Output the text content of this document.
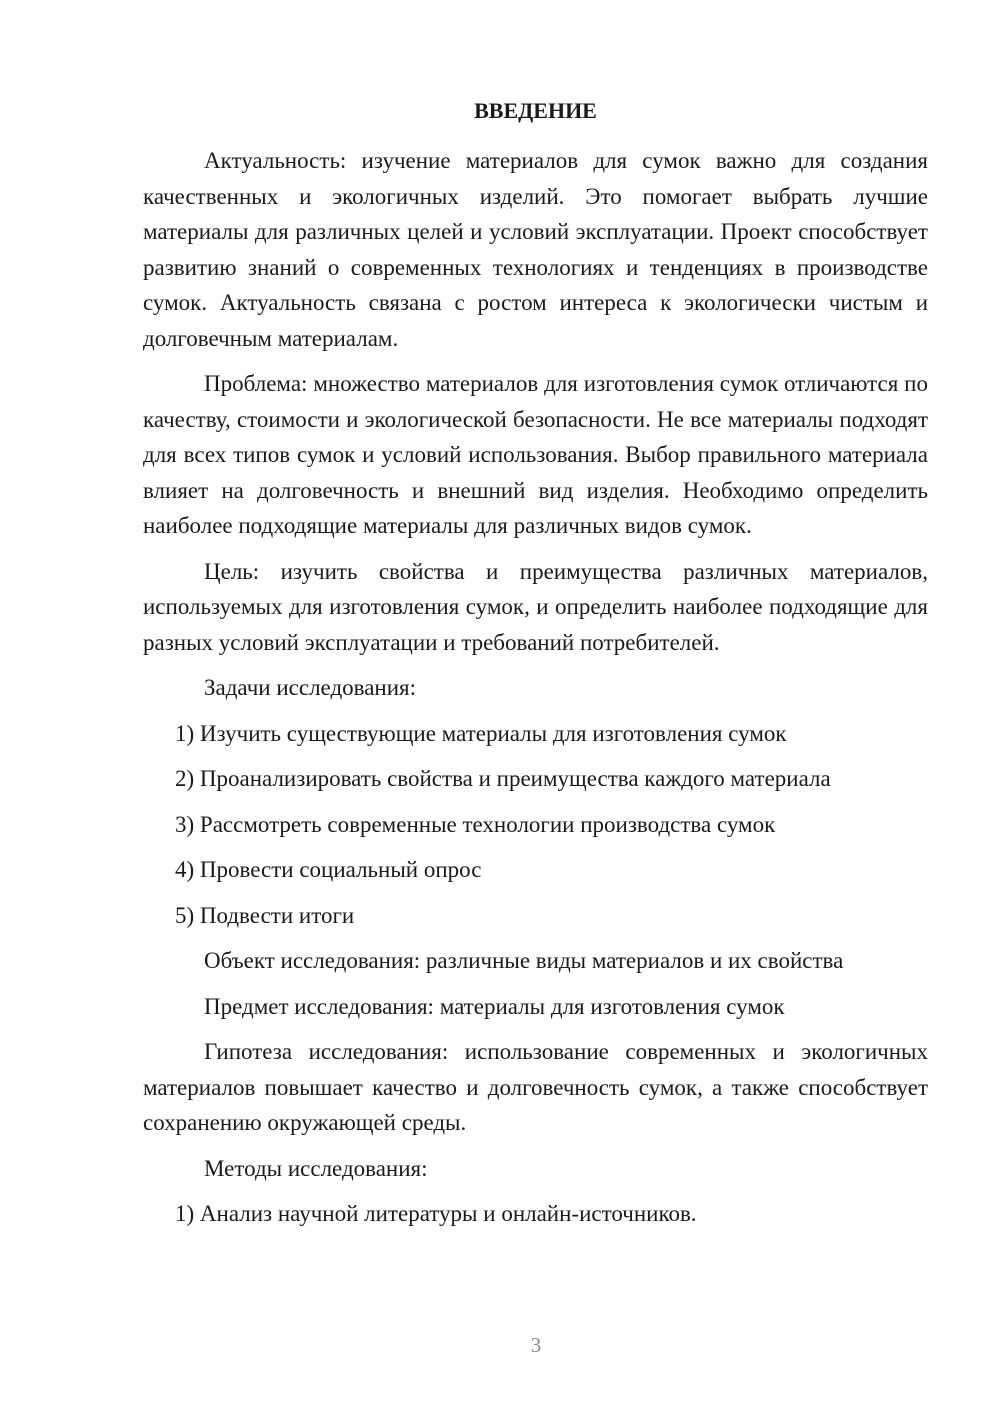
ВВЕДЕНИЕ

Актуальность: изучение материалов для сумок важно для создания качественных и экологичных изделий. Это помогает выбрать лучшие материалы для различных целей и условий эксплуатации. Проект способствует развитию знаний о современных технологиях и тенденциях в производстве сумок. Актуальность связана с ростом интереса к экологически чистым и долговечным материалам.

Проблема: множество материалов для изготовления сумок отличаются по качеству, стоимости и экологической безопасности. Не все материалы подходят для всех типов сумок и условий использования. Выбор правильного материала влияет на долговечность и внешний вид изделия. Необходимо определить наиболее подходящие материалы для различных видов сумок.

Цель: изучить свойства и преимущества различных материалов, используемых для изготовления сумок, и определить наиболее подходящие для разных условий эксплуатации и требований потребителей.

Задачи исследования:

1) Изучить существующие материалы для изготовления сумок

2) Проанализировать свойства и преимущества каждого материала

3) Рассмотреть современные технологии производства сумок

4) Провести социальный опрос

5) Подвести итоги

Объект исследования: различные виды материалов и их свойства

Предмет исследования: материалы для изготовления сумок

Гипотеза исследования: использование современных и экологичных материалов повышает качество и долговечность сумок, а также способствует сохранению окружающей среды.

Методы исследования:

1) Анализ научной литературы и онлайн-источников.

3
